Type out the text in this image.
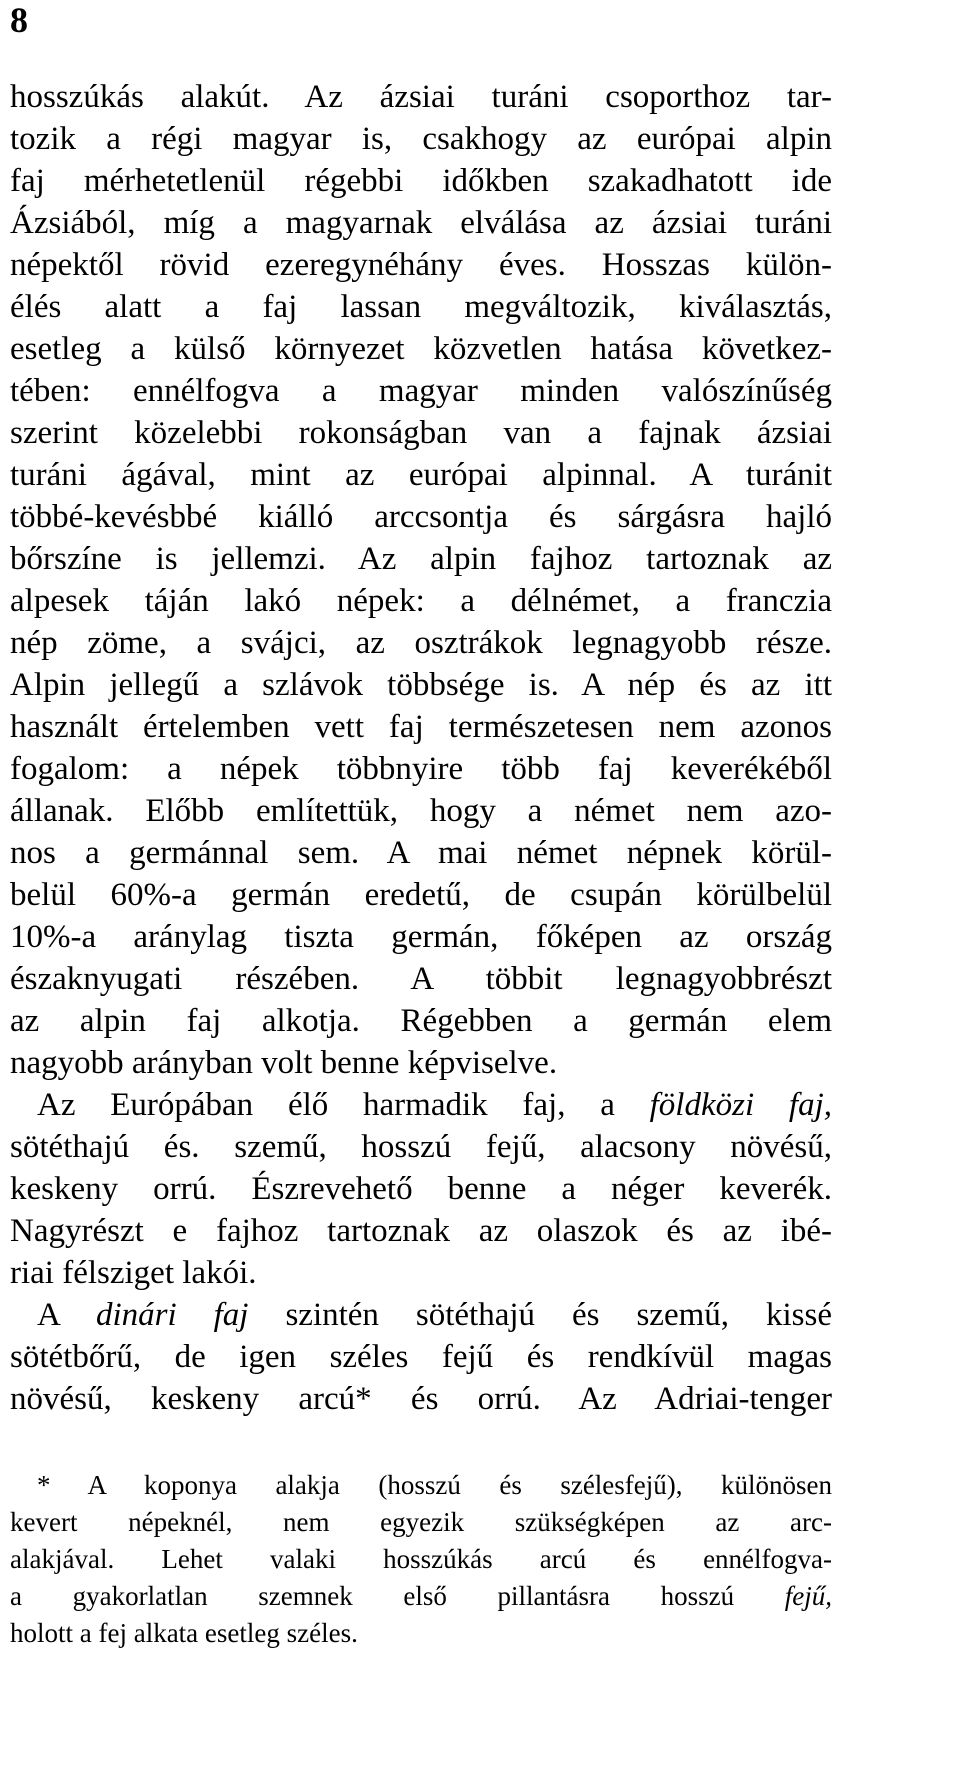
8
hosszúkás alakút. Az ázsiai turáni csoporthoz tar-
tozik a régi magyar is, csakhogy az európai alpin
faj mérhetetlenül régebbi időkben szakadhatott ide
Ázsiából, míg a magyarnak elválása az ázsiai turáni
népektől rövid ezeregynéhány éves. Hosszas külön-
élés alatt a faj lassan megváltozik, kiválasztás,
esetleg a külső környezet közvetlen hatása következ-
tében: ennélfogva a magyar minden valószínűség
szerint közelebbi rokonságban van a fajnak ázsiai
turáni ágával, mint az európai alpinnal. A turánit
többé-kevésbbé kiálló arccsontja és sárgásra hajló
bőrszíne is jellemzi. Az alpin fajhoz tartoznak az
alpesek táján lakó népek: a délnémet, a franczia
nép zöme, a svájci, az osztrákok legnagyobb része.
Alpin jellegű a szlávok többsége is. A nép és az itt
használt értelemben vett faj természetesen nem azonos
fogalom: a népek többnyire több faj keverékéből
állanak. Előbb említettük, hogy a német nem azo-
nos a germánnal sem. A mai német népnek körül-
belül 60%-a germán eredetű, de csupán körülbelül
10%-a aránylag tiszta germán, főképen az ország
északnyugati részében. A többit legnagyobbrészt
az alpin faj alkotja. Régebben a germán elem
nagyobb arányban volt benne képviselve.
Az Európában élő harmadik faj, a földközi faj,
sötéthajú és. szemű, hosszú fejű, alacsony növésű,
keskeny orrú. Észrevehető benne a néger keverék.
Nagyrészt e fajhoz tartoznak az olaszok és az ibé-
riai félsziget lakói.
A dinári faj szintén sötéthajú és szemű, kissé
sötétbőrű, de igen széles fejű és rendkívül magas
növésű, keskeny arcú* és orrú. Az Adriai-tenger
* A koponya alakja (hosszú és szélesfejű), különösen
kevert népeknél, nem egyezik szükségképen az arc-
alakjával. Lehet valaki hosszúkás arcú és ennélfogva-
a gyakorlatlan szemnek első pillantásra hosszú fejű,
holott a fej alkata esetleg széles.
